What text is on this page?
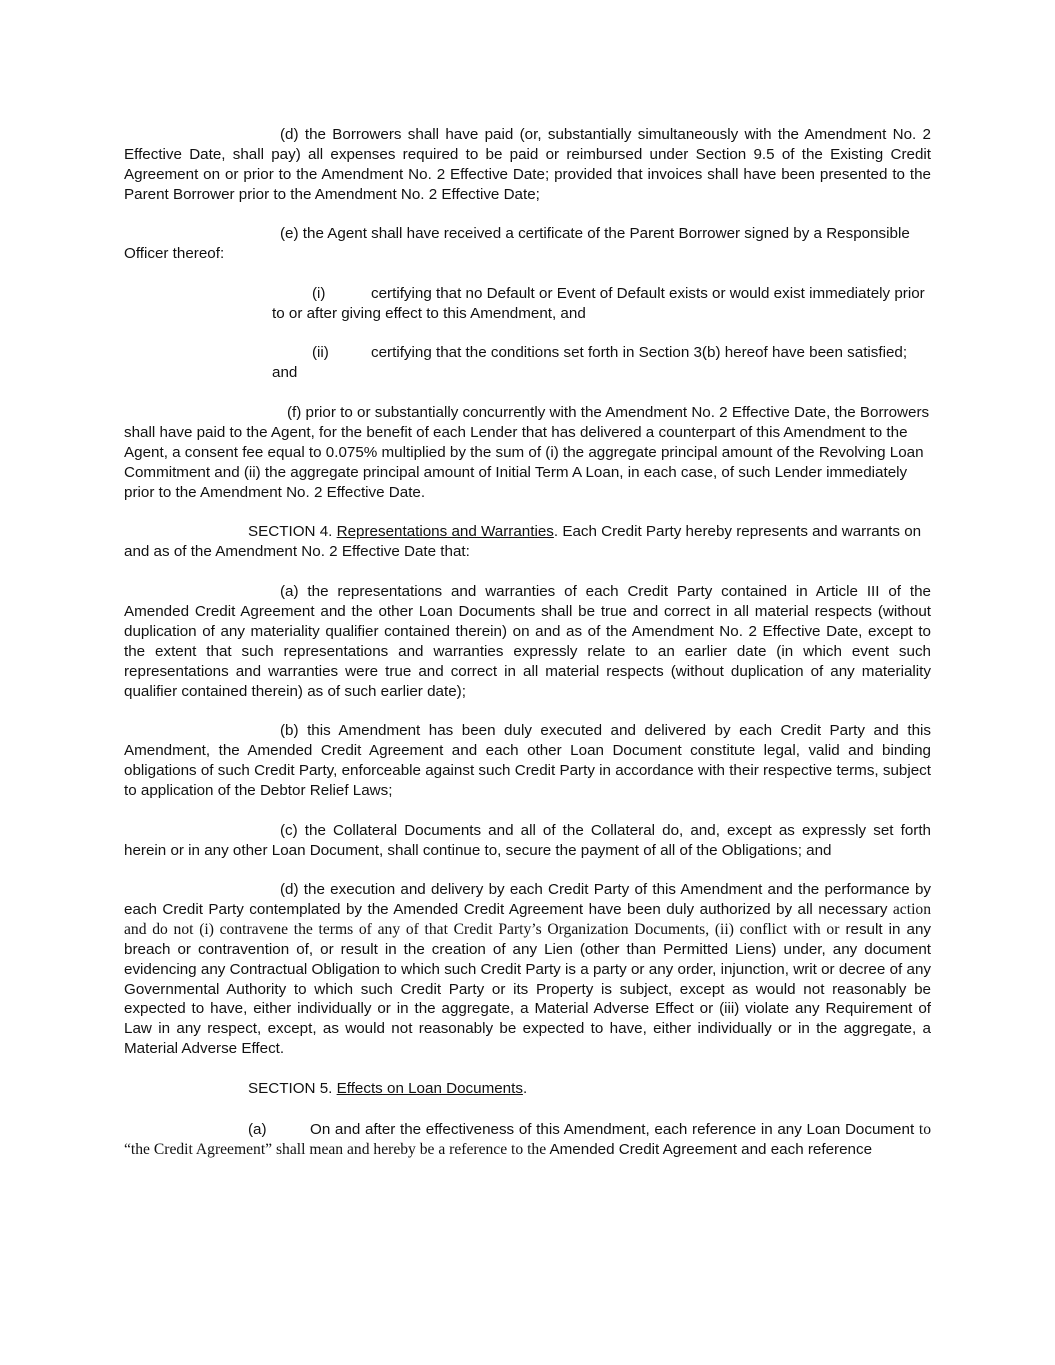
(d) the Borrowers shall have paid (or, substantially simultaneously with the Amendment No. 2 Effective Date, shall pay) all expenses required to be paid or reimbursed under Section 9.5 of the Existing Credit Agreement on or prior to the Amendment No. 2 Effective Date; provided that invoices shall have been presented to the Parent Borrower prior to the Amendment No. 2 Effective Date;

(e) the Agent shall have received a certificate of the Parent Borrower signed by a Responsible Officer thereof:

(i)	certifying that no Default or Event of Default exists or would exist immediately prior to or after giving effect to this Amendment, and

(ii)	certifying that the conditions set forth in Section 3(b) hereof have been satisfied; and

(f) prior to or substantially concurrently with the Amendment No. 2 Effective Date, the Borrowers shall have paid to the Agent, for the benefit of each Lender that has delivered a counterpart of this Amendment to the Agent, a consent fee equal to 0.075% multiplied by the sum of (i) the aggregate principal amount of the Revolving Loan Commitment and (ii) the aggregate principal amount of Initial Term A Loan, in each case, of such Lender immediately prior to the Amendment No. 2 Effective Date.

SECTION 4. Representations and Warranties. Each Credit Party hereby represents and warrants on and as of the Amendment No. 2 Effective Date that:

(a) the representations and warranties of each Credit Party contained in Article III of the Amended Credit Agreement and the other Loan Documents shall be true and correct in all material respects (without duplication of any materiality qualifier contained therein) on and as of the Amendment No. 2 Effective Date, except to the extent that such representations and warranties expressly relate to an earlier date (in which event such representations and warranties were true and correct in all material respects (without duplication of any materiality qualifier contained therein) as of such earlier date);

(b) this Amendment has been duly executed and delivered by each Credit Party and this Amendment, the Amended Credit Agreement and each other Loan Document constitute legal, valid and binding obligations of such Credit Party, enforceable against such Credit Party in accordance with their respective terms, subject to application of the Debtor Relief Laws;

(c) the Collateral Documents and all of the Collateral do, and, except as expressly set forth herein or in any other Loan Document, shall continue to, secure the payment of all of the Obligations; and

(d) the execution and delivery by each Credit Party of this Amendment and the performance by each Credit Party contemplated by the Amended Credit Agreement have been duly authorized by all necessary action and do not (i) contravene the terms of any of that Credit Party’s Organization Documents, (ii) conflict with or result in any breach or contravention of, or result in the creation of any Lien (other than Permitted Liens) under, any document evidencing any Contractual Obligation to which such Credit Party is a party or any order, injunction, writ or decree of any Governmental Authority to which such Credit Party or its Property is subject, except as would not reasonably be expected to have, either individually or in the aggregate, a Material Adverse Effect or (iii) violate any Requirement of Law in any respect, except, as would not reasonably be expected to have, either individually or in the aggregate, a Material Adverse Effect.

SECTION 5. Effects on Loan Documents.

(a)	On and after the effectiveness of this Amendment, each reference in any Loan Document to “the Credit Agreement” shall mean and hereby be a reference to the Amended Credit Agreement and each reference
